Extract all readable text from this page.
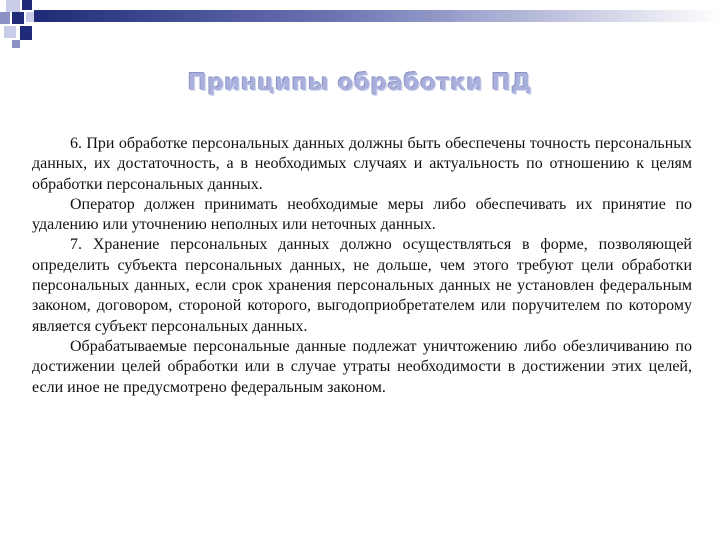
Принципы обработки ПД

6. При обработке персональных данных должны быть обеспечены точность персональных данных, их достаточность, а в необходимых случаях и актуальность по отношению к целям обработки персональных данных.

Оператор должен принимать необходимые меры либо обеспечивать их принятие по удалению или уточнению неполных или неточных данных.

7. Хранение персональных данных должно осуществляться в форме, позволяющей определить субъекта персональных данных, не дольше, чем этого требуют цели обработки персональных данных, если срок хранения персональных данных не установлен федеральным законом, договором, стороной которого, выгодоприобретателем или поручителем по которому является субъект персональных данных.

Обрабатываемые персональные данные подлежат уничтожению либо обезличиванию по достижении целей обработки или в случае утраты необходимости в достижении этих целей, если иное не предусмотрено федеральным законом.
